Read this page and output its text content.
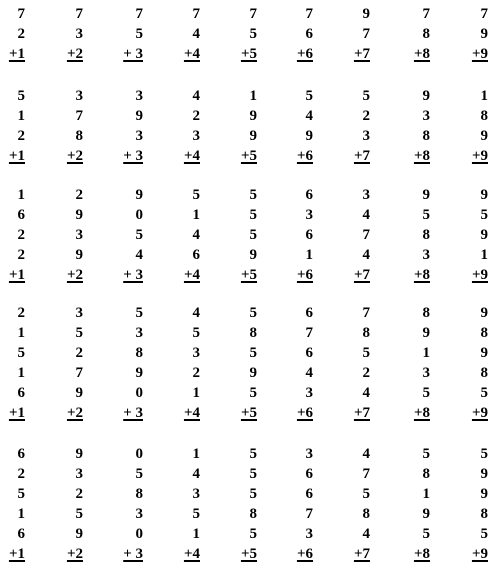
7
2
+1
7
3
+2
7
5
+ 3
7
4
+4
7
5
+5
7
6
+6
9
7
+7
7
8
+8
7
9
+9
5
1
2
+1
3
7
8
+2
3
9
3
+ 3
4
2
3
+4
1
9
9
+5
5
4
9
+6
5
2
3
+7
9
3
8
+8
1
8
9
+9
1
6
2
2
+1
2
9
3
9
+2
9
0
5
4
+ 3
5
1
4
6
+4
5
5
5
9
+5
6
3
6
1
+6
3
4
7
4
+7
9
5
8
3
+8
9
5
9
1
+9
2
1
5
1
6
+1
3
5
2
7
9
+2
5
3
8
9
0
+ 3
4
5
3
2
1
+4
5
8
5
9
5
+5
6
7
6
4
3
+6
7
8
5
2
4
+7
8
9
1
3
5
+8
9
8
9
8
5
+9
6
2
5
1
6
+1
9
3
2
5
9
+2
0
5
8
3
0
+ 3
1
4
3
5
1
+4
5
5
5
8
5
+5
3
6
6
7
3
+6
4
7
5
8
4
+7
5
8
1
9
5
+8
5
9
9
8
5
+9
